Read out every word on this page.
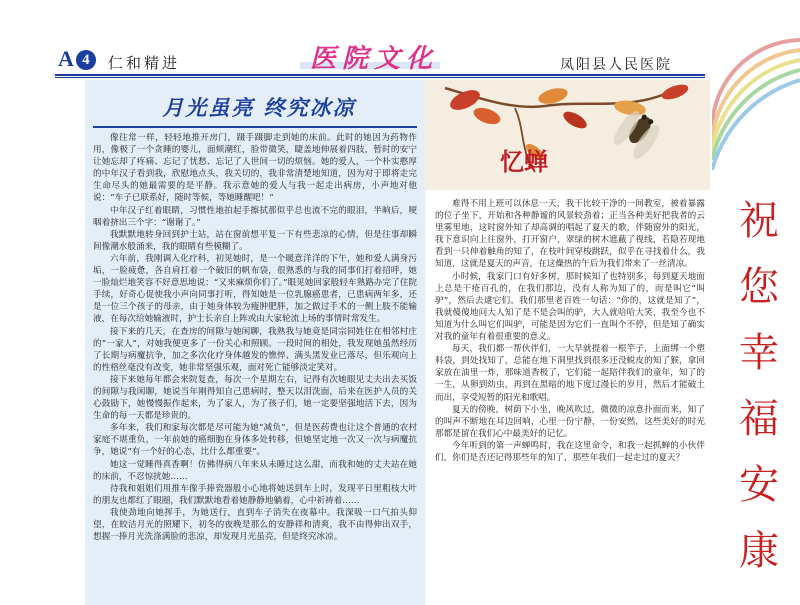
A 4	仁和精进	医院文化	凤阳县人民医院
月光虽亮 终究冰凉

像往常一样，轻轻地推开房门，蹑手蹑脚走到她的床前。此时的她因为药物作用，像极了一个贪睡的婴儿，面颊潮红，脸带微笑，睫盖地伸展着四肢，暂时的安宁让她忘却了疼痛、忘记了忧愁、忘记了人世间一切的烦恼。她的爱人，一个朴实憨厚的中年汉子看到我，欣慰地点头，我关切的，我非常清楚地知道，因为对于即将走完生命尽头的她最需要的是平静。我示意她的爱人与我一起走出病房，小声地对他说：“车子已联系好，随时等候，等她睡醒吧！”

中年汉子红着眼睛，习惯性地拍起手擦拭那似乎总也流不完的眼泪，半晌后，哽咽着挤出三个字：“谢谢了。”

我默默地转身回到护士站，站在窗前想平复一下有些悲凉的心情，但是往事却瞬间像潮水般涌来，我的眼睛有些模糊了。

六年前，我刚调入化疗科，初见她时，是一个暖意洋洋的下午，她和爱人满身污垢，一脸疲惫，各自肩扛着一个破旧的帆布袋，很熟悉的与我的同事们打着招呼，她一脸灿烂地笑容不好意思地说：“又来麻烦你们了。”眼见她回家般轻车熟路办完了住院手续，好奇心促使我小声向同事打听，得知她是一位乳腺癌患者，已患病两年多，还是一位三个孩子的母亲，由于她身体较为瘦肿肥胖，加之做过手术的一侧上肢不能输液，在每次给她输液时，护士长亲自上阵或由大家轮流上场的事情时常发生。

接下来的几天，在查房的间隙与她闲聊，我熟我与她竟是同宗同姓住在相邻村庄的“一家人”，对她我便更多了一份关心和照顾。一段时间的相处，我发现她虽然经历了长期与病魔抗争，加之多次化疗身体越发的憔悴、满头黑发业已落尽，但乐观向上的性格丝毫没有改变，她非常坚强乐观，面对死亡能够淡定笑对。

接下来她每年都会来院复查，每次一个星期左右，记得有次她眼见丈夫出去买饭的间隙与我闲聊，她说当年刚得知自己患病时，整天以泪洗面，后来在医护人员的关心鼓励下，她慢慢振作起来，为了家人，为了孩子们，她一定要坚强地活下去，因为生命的每一天都是珍贵的。

多年来，我们和家每次都是尽可能为她“减负”，但是医药费也让这个普通的农村家庭不堪重负，一年前她的癌细胞在身体多处转移，但她坚定地一次又一次与病魔抗争，她说“有一个好的心态，比什么都重要”。

她这一觉睡得真香啊！仿佛得病八年来从未睡过这么甜，而我和她的丈夫站在她的床前，不忍惊扰她……

待我和姐姐们用推车像手捧瓷器般小心地将她送到车上时，发现平日里粗枝大叶的朋友也都红了眼圈，我们默默地看着她静静地躺着，心中祈祷着……

我使劲地向她挥手，为她送行，直到车子消失在夜幕中。我深吸一口气拍头仰望，在皎洁月光的照耀下，初冬的夜晚是那么的安静祥和清爽，我不由得伸出双手，想握一捧月光洗涤满脸的悲凉，却发现月光虽亮，但是终究冰凉。

忆蝉

难得不用上班可以休息一天，我干比较干净的一间教室，被着暴露的位子坐下，开始和各种静谧的风景较劲着；正当各种美好把我者的云里雾里地，这时窗外知了却高调的唱起了夏天的歌，伴随窗外的阳光，我下意识向上往窗外，打开窗户，翠绿的树木遮蔽了视线，若隐若现地看到一只伸着触角的知了，在枝叶间穿梭跳跃，似乎在寻找着什么，我知道，这就是夏天的声音，在这燥热的午后为我们带来了一丝清凉。

小时候，我家门口有好多树，那时候知了也特别多，每到夏天地面上总是干疮百孔的，在我们那边，没有人称为知了的，而是叫它“叫驴”，然后去逮它们。我们那里老百姓一句话：“你的，这就是知了”，我就傻傻地问大人知了是不是会叫的驴，大人就哈哈大笑，我至今也不知道为什么叫它们叫驴，可能是因为它们一直叫个不停，但是知了确实对我的童年有着很重要的意义。

每天，我们都一帮伙伴们，一大早就提着一根竿子，上面绑一个塑料袋，到处找知了，总能在地下洞里找到很多还没蜕皮的知了猴，拿回家放在油里一炸，那味道香极了，它们能一起陪伴我们的童年，知了的一生，从卵到幼虫，再到在黑暗的地下度过漫长的岁月，然后才能破土而出，享受短暂的阳光和歌唱。

夏天的傍晚，树荫下小坐，晚风吹过，微微的凉意扑面而来，知了的叫声不断地在耳边回响，心里一份宁静，一份安然，这些美好的时光那都是留在我们心中最美好的记忆。

今年听到的第一声蝉鸣时，我在这里命令，和我一起抓蝉的小伙伴们，你们是否还记得那些年的知了，那些年我们一起走过的夏天？

祝
您
幸
福
安
康
